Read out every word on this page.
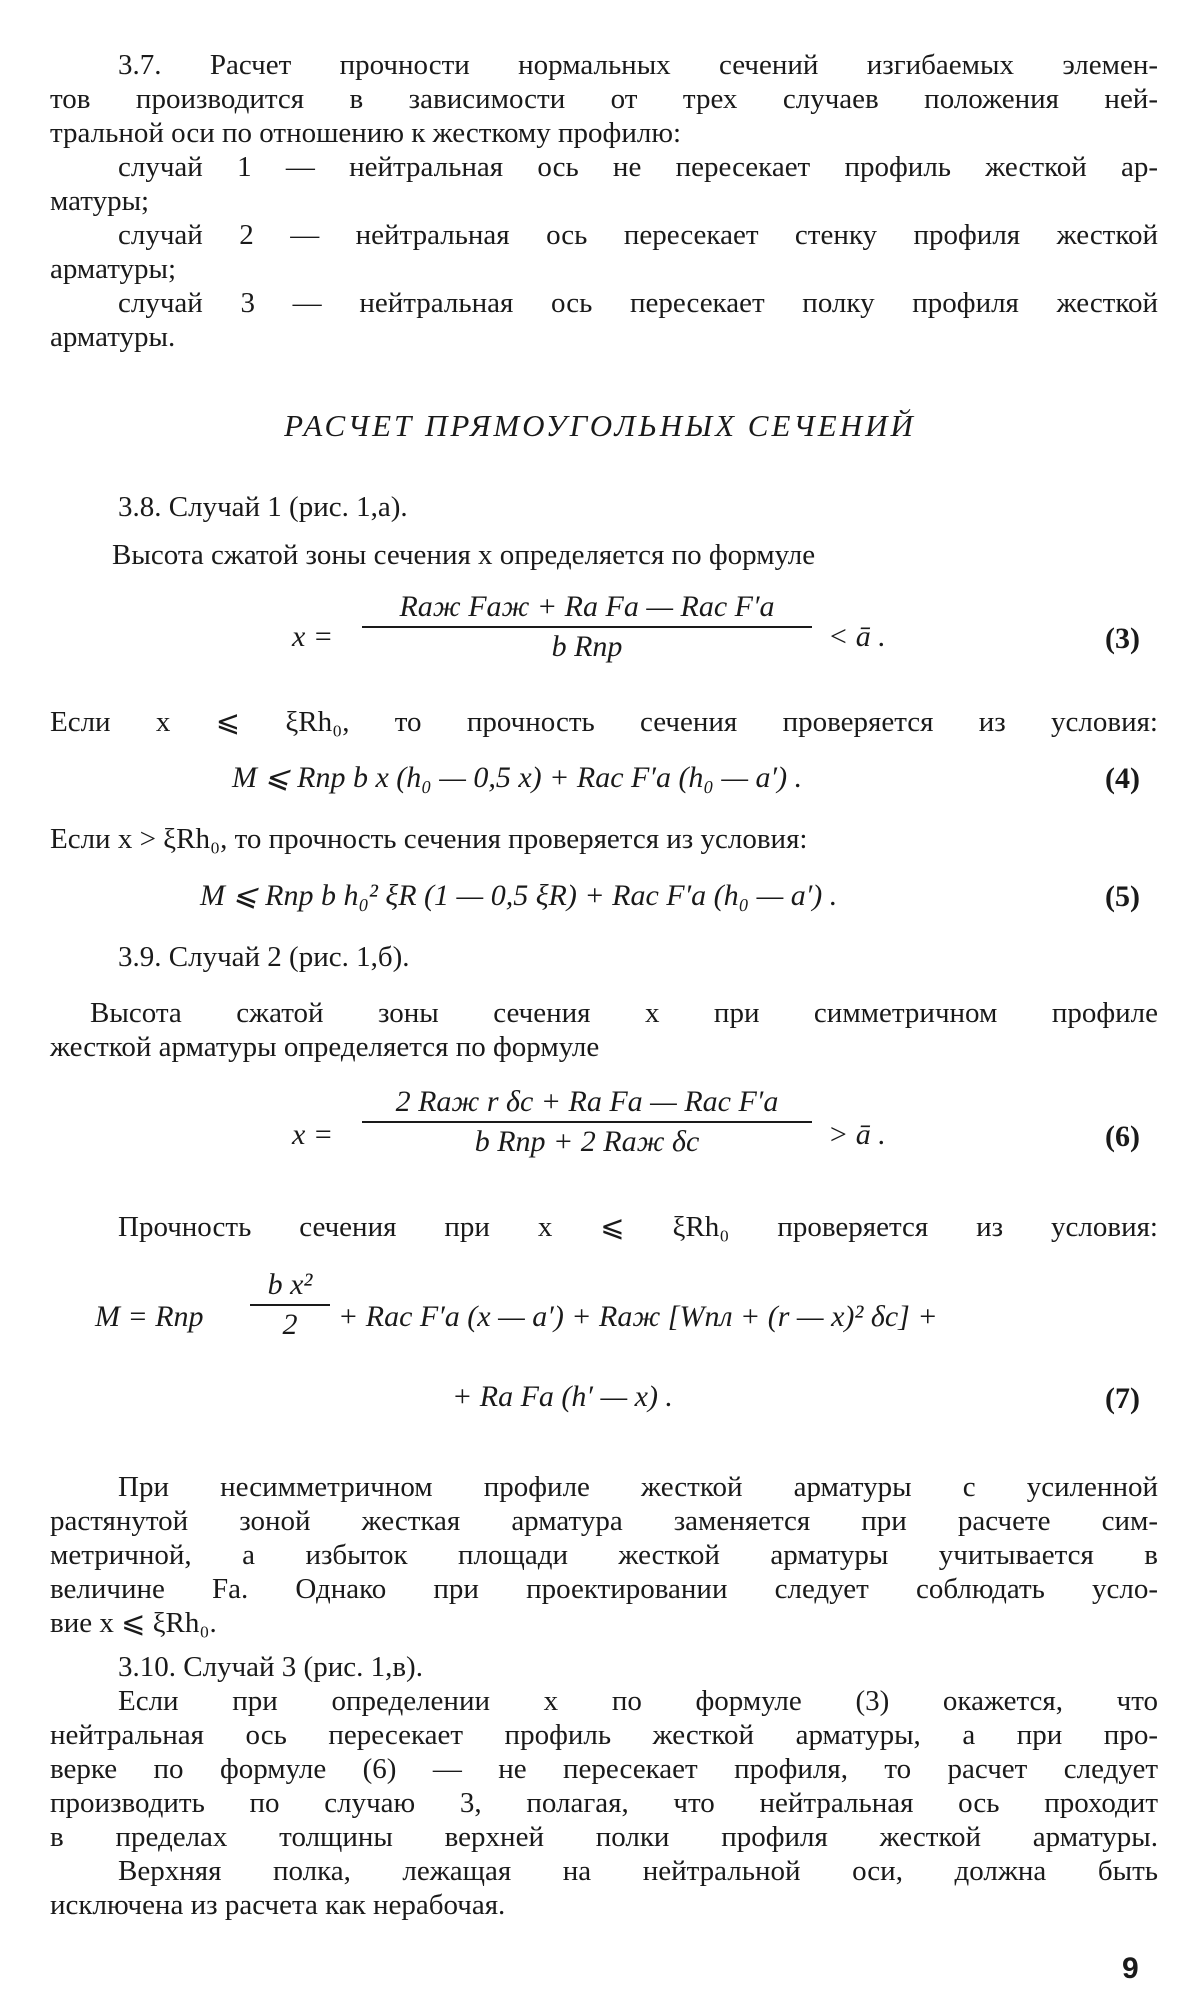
3.7. Расчет прочности нормальных сечений изгибаемых элемен-

тов производится в зависимости от трех случаев положения ней-

тральной оси по отношению к жесткому профилю:

случай 1 — нейтральная ось не пересекает профиль жесткой ар-

матуры;

случай 2 — нейтральная ось пересекает стенку профиля жесткой

арматуры;

случай 3 — нейтральная ось пересекает полку профиля жесткой

арматуры.

РАСЧЕТ ПРЯМОУГОЛЬНЫХ СЕЧЕНИЙ

3.8. Случай 1 (рис. 1,а).

Высота сжатой зоны сечения x определяется по формуле

x =
Rаж Fаж + Rа Fа — Rас F′а
b Rпр	< ā .	(3)

Если x ⩽ ξRh₀, то прочность сечения проверяется из условия:

M ⩽ Rпр b x (h₀ — 0,5 x) + Rас F′а (h₀ — a′) .	(4)

Если x > ξRh₀, то прочность сечения проверяется из условия:

M ⩽ Rпр b h₀² ξR (1 — 0,5 ξR) + Rас F′а (h₀ — a′) .	(5)

3.9. Случай 2 (рис. 1,б).

Высота сжатой зоны сечения x при симметричном профиле

жесткой арматуры определяется по формуле

x =
2 Rаж r δс + Rа Fа — Rас F′а
b Rпр + 2 Rаж δс	> ā .	(6)

Прочность сечения при x ⩽ ξRh₀ проверяется из условия:

M = Rпр
b x²
2	+ Rас F′а (x — a′) + Rаж [Wпл + (r — x)² δс] +
+ Rа Fа (h′ — x) .	(7)

При несимметричном профиле жесткой арматуры с усиленной

растянутой зоной жесткая арматура заменяется при расчете сим-

метричной, а избыток площади жесткой арматуры учитывается в

величине Fа. Однако при проектировании следует соблюдать усло-

вие x ⩽ ξRh₀.

3.10. Случай 3 (рис. 1,в).

Если при определении x по формуле (3) окажется, что

нейтральная ось пересекает профиль жесткой арматуры, а при про-

верке по формуле (6) — не пересекает профиля, то расчет следует

производить по случаю 3, полагая, что нейтральная ось проходит

в пределах толщины верхней полки профиля жесткой арматуры.

Верхняя полка, лежащая на нейтральной оси, должна быть

исключена из расчета как нерабочая.

9
